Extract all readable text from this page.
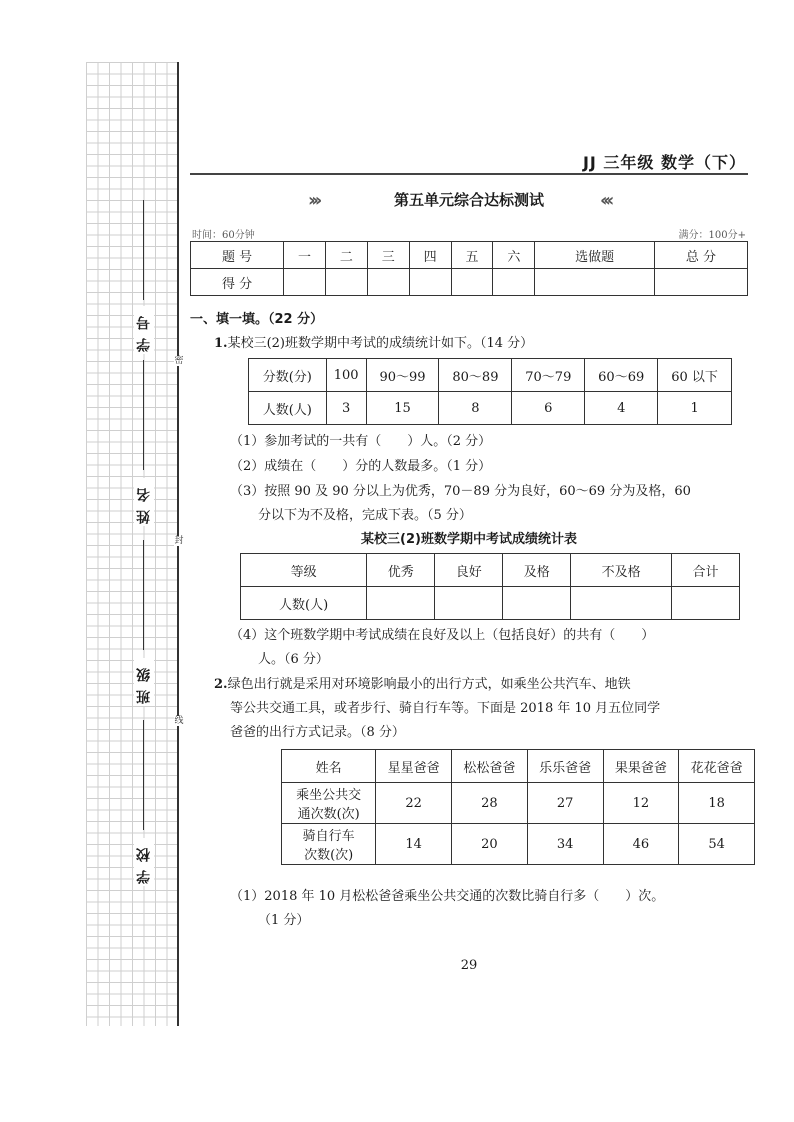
密
封
线
学号
姓名
班级
学校
JJ 三年级 数学（下）
›››	第五单元综合达标测试	‹‹‹
时间：60分钟	满分：100分+
题 号	一	二	三	四	五	六	选做题	总 分
得 分								
一、填一填。（22 分）
1.某校三(2)班数学期中考试的成绩统计如下。（14 分）
分数(分)	100	90～99	80～89	70～79	60～69	60 以下
人数(人)	3	15	8	6	4	1
（1）参加考试的一共有（　　）人。（2 分）
（2）成绩在（　　）分的人数最多。（1 分）
（3）按照 90 及 90 分以上为优秀，70－89 分为良好，60～69 分为及格，60
分以下为不及格，完成下表。（5 分）
某校三(2)班数学期中考试成绩统计表
等级	优秀	良好	及格	不及格	合计
人数(人)					
（4）这个班数学期中考试成绩在良好及以上（包括良好）的共有（　　）
人。（6 分）
2.绿色出行就是采用对环境影响最小的出行方式，如乘坐公共汽车、地铁
等公共交通工具，或者步行、骑自行车等。下面是 2018 年 10 月五位同学
爸爸的出行方式记录。（8 分）
姓名	星星爸爸	松松爸爸	乐乐爸爸	果果爸爸	花花爸爸
乘坐公共交
通次数(次)	22	28	27	12	18
骑自行车
次数(次)	14	20	34	46	54
（1）2018 年 10 月松松爸爸乘坐公共交通的次数比骑自行多（　　）次。
（1 分）
29
